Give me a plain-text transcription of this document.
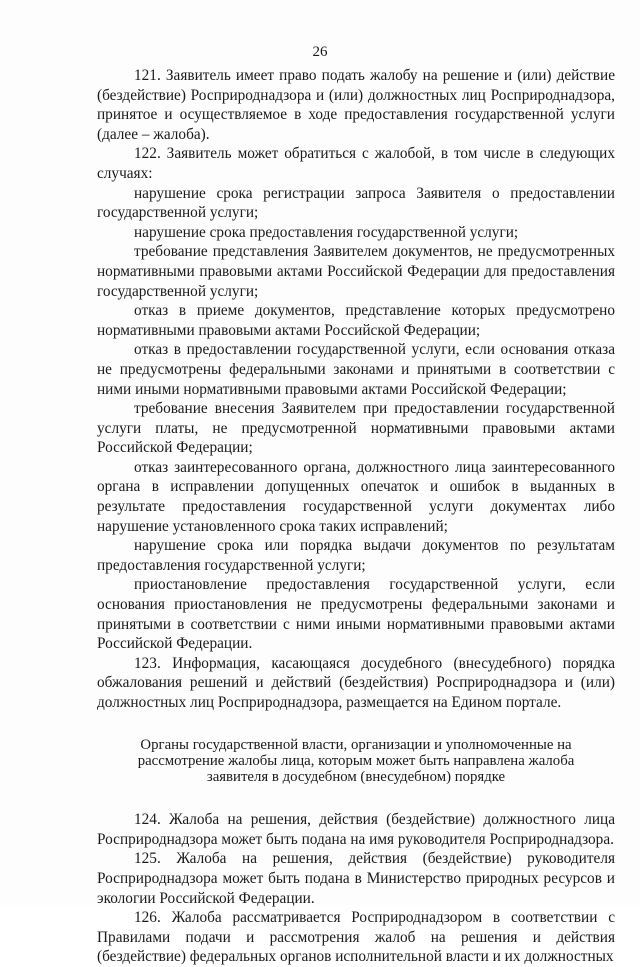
26

121. Заявитель имеет право подать жалобу на решение и (или) действие (бездействие) Росприроднадзора и (или) должностных лиц Росприроднадзора, принятое и осуществляемое в ходе предоставления государственной услуги (далее – жалоба).

122. Заявитель может обратиться с жалобой, в том числе в следующих случаях:

нарушение срока регистрации запроса Заявителя о предоставлении государственной услуги;

нарушение срока предоставления государственной услуги;

требование представления Заявителем документов, не предусмотренных нормативными правовыми актами Российской Федерации для предоставления государственной услуги;

отказ в приеме документов, представление которых предусмотрено нормативными правовыми актами Российской Федерации;

отказ в предоставлении государственной услуги, если основания отказа не предусмотрены федеральными законами и принятыми в соответствии с ними иными нормативными правовыми актами Российской Федерации;

требование внесения Заявителем при предоставлении государственной услуги платы, не предусмотренной нормативными правовыми актами Российской Федерации;

отказ заинтересованного органа, должностного лица заинтересованного органа в исправлении допущенных опечаток и ошибок в выданных в результате предоставления государственной услуги документах либо нарушение установленного срока таких исправлений;

нарушение срока или порядка выдачи документов по результатам предоставления государственной услуги;

приостановление предоставления государственной услуги, если основания приостановления не предусмотрены федеральными законами и принятыми в соответствии с ними иными нормативными правовыми актами Российской Федерации.

123. Информация, касающаяся досудебного (внесудебного) порядка обжалования решений и действий (бездействия) Росприроднадзора и (или) должностных лиц Росприроднадзора, размещается на Едином портале.

Органы государственной власти, организации и уполномоченные на рассмотрение жалобы лица, которым может быть направлена жалоба заявителя в досудебном (внесудебном) порядке

124. Жалоба на решения, действия (бездействие) должностного лица Росприроднадзора может быть подана на имя руководителя Росприроднадзора.

125. Жалоба на решения, действия (бездействие) руководителя Росприроднадзора может быть подана в Министерство природных ресурсов и экологии Российской Федерации.

126. Жалоба рассматривается Росприроднадзором в соответствии с Правилами подачи и рассмотрения жалоб на решения и действия (бездействие) федеральных органов исполнительной власти и их должностных
